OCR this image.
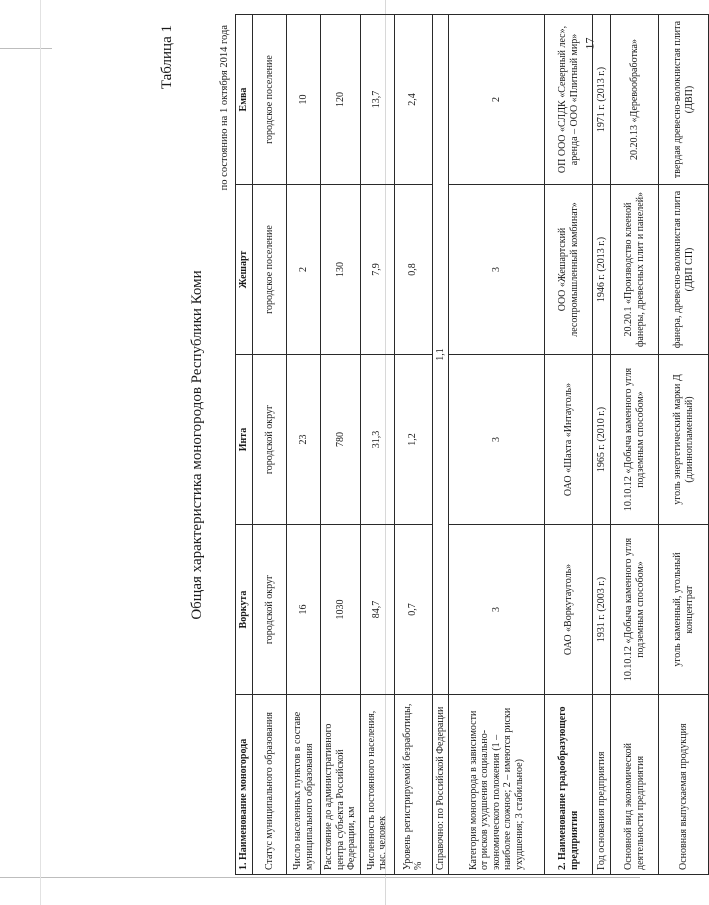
17
Таблица 1
Общая характеристика моногородов Республики Коми
по состоянию на 1 октября 2014 года
1. Наименование моногорода	Воркута	Инта	Жешарт	Емва
Статус муниципального образования	городской округ	городской округ	городское поселение	городское поселение
Число населенных пунктов в составе муниципального образования	16	23	2	10
Расстояние до административного центра субъекта Российской Федерации, км	1030	780	130	120
Численность постоянного населения, тыс. человек	84,7	31,3	7,9	13,7
Уровень регистрируемой безработицы, %	0,7	1,2	0,8	2,4
Справочно: по Российской Федерации	1,1			
Категория моногорода в зависимости от рисков ухудшения социально-экономического положения (1 – наиболее сложное; 2 – имеются риски ухудшения; 3 стабильное)	3	3	3	2
2. Наименование градообразующего предприятия	ОАО «Воркутауголь»	ОАО «Шахта «Интауголь»	ООО «Жешартский лесопромышленный комбинат»	ОП ООО «СЛДК «Северный лес», аренда – ООО «Плитный мир»
Год основания предприятия	1931 г. (2003 г.)	1965 г. (2010 г.)	1946 г. (2013 г.)	1971 г. (2013 г.)
Основной вид экономической деятельности предприятия	10.10.12 «Добыча каменного угля подземным способом»	10.10.12 «Добыча каменного угля подземным способом»	20.20.1 «Производство клееной фанеры, древесных плит и панелей»	20.20.13 «Деревообработка»
Основная выпускаемая продукция	уголь каменный, угольный концентрат	уголь энергетический марки Д (длиннопламенный)	фанера, древесно-волокнистая плита (ДВП СП)	твердая древесно-волокнистая плита (ДВП)
